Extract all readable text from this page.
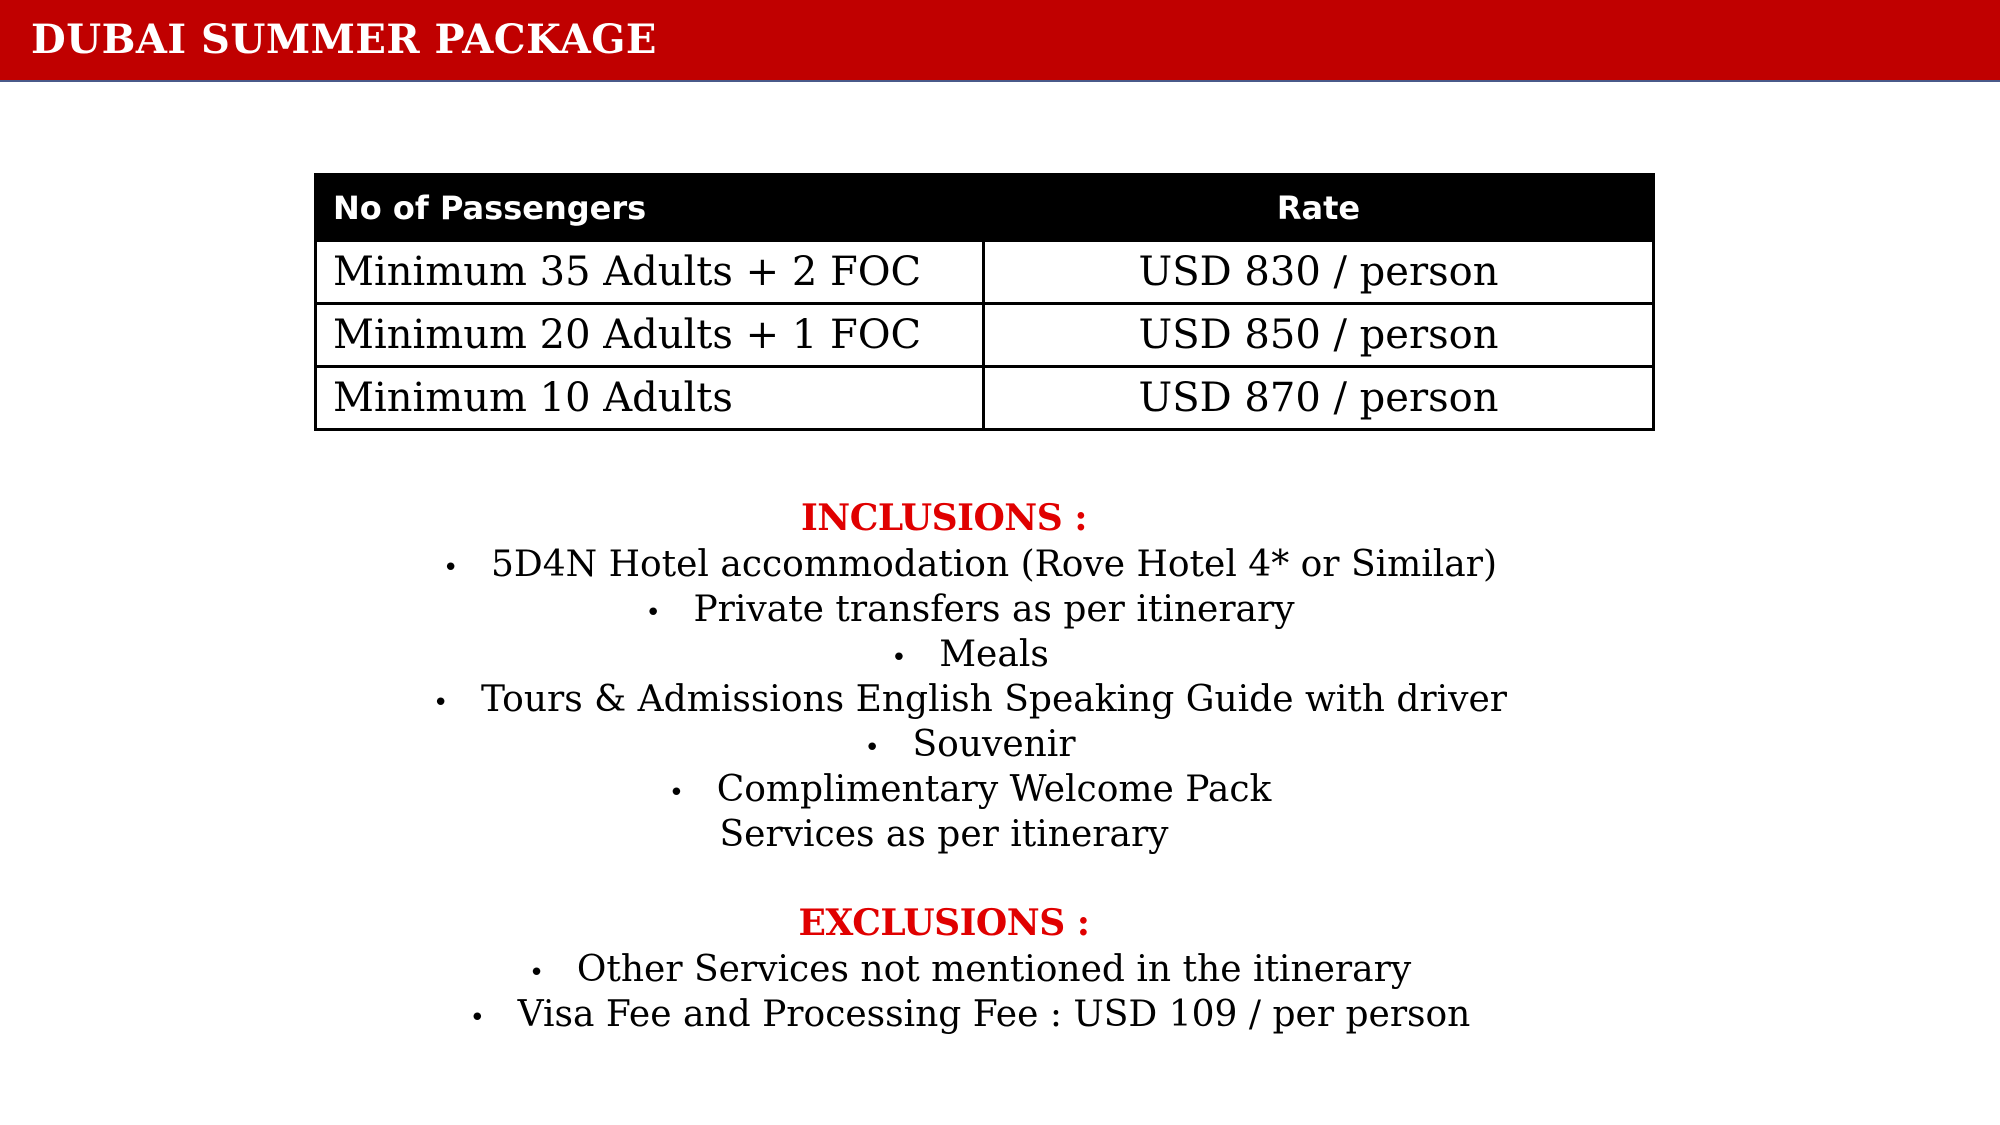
DUBAI SUMMER PACKAGE
No of Passengers	Rate
Minimum 35 Adults + 2 FOC	USD 830 / person
Minimum 20 Adults + 1 FOC	USD 850 / person
Minimum 10 Adults	USD 870 / person
INCLUSIONS :
• 5D4N Hotel accommodation (Rove Hotel 4* or Similar)
• Private transfers as per itinerary
• Meals
• Tours & Admissions English Speaking Guide with driver
• Souvenir
• Complimentary Welcome Pack
Services as per itinerary
EXCLUSIONS :
• Other Services not mentioned in the itinerary
• Visa Fee and Processing Fee : USD 109 / per person
